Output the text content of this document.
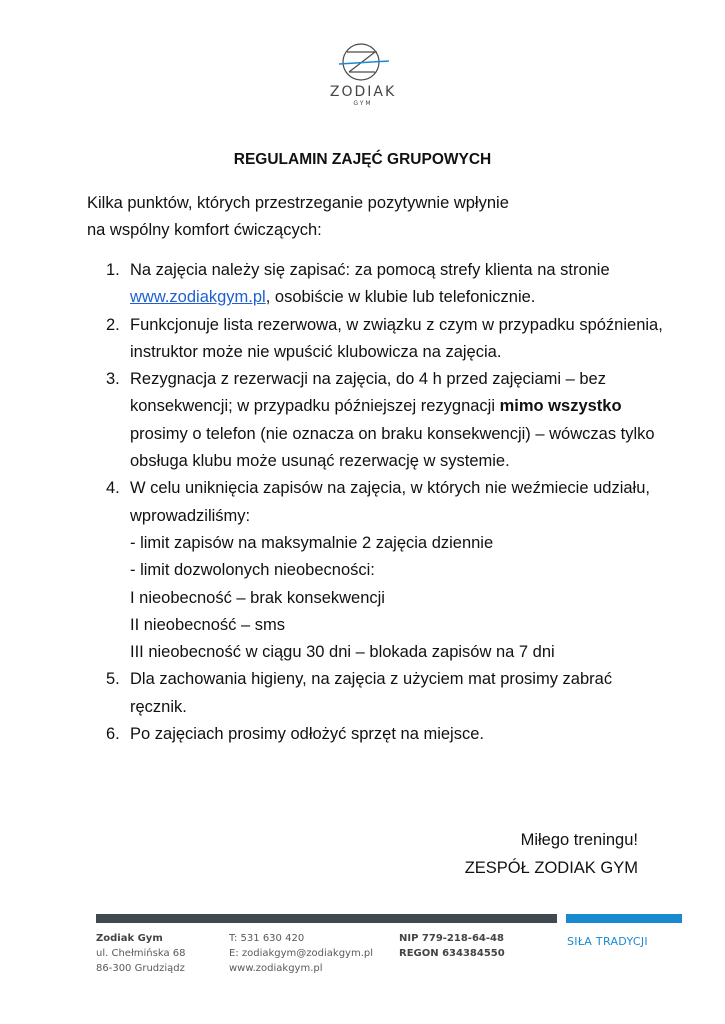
ZODIAK
GYM
REGULAMIN ZAJĘĆ GRUPOWYCH
Kilka punktów, których przestrzeganie pozytywnie wpłynie
na wspólny komfort ćwiczących:
1. Na zajęcia należy się zapisać: za pomocą strefy klienta na stronie www.zodiakgym.pl, osobiście w klubie lub telefonicznie.
2. Funkcjonuje lista rezerwowa, w związku z czym w przypadku spóźnienia, instruktor może nie wpuścić klubowicza na zajęcia.
3. Rezygnacja z rezerwacji na zajęcia, do 4 h przed zajęciami – bez konsekwencji; w przypadku późniejszej rezygnacji mimo wszystko prosimy o telefon (nie oznacza on braku konsekwencji) – wówczas tylko obsługa klubu może usunąć rezerwację w systemie.
4. W celu uniknięcia zapisów na zajęcia, w których nie weźmiecie udziału, wprowadziliśmy:
- limit zapisów na maksymalnie 2 zajęcia dziennie
- limit dozwolonych nieobecności:
I nieobecność – brak konsekwencji
II nieobecność – sms
III nieobecność w ciągu 30 dni – blokada zapisów na 7 dni
5. Dla zachowania higieny, na zajęcia z użyciem mat prosimy zabrać ręcznik.
6. Po zajęciach prosimy odłożyć sprzęt na miejsce.
Miłego treningu!
ZESPÓŁ ZODIAK GYM
Zodiak Gym
ul. Chełmińska 68
86-300 Grudziądz
T: 531 630 420
E: zodiakgym@zodiakgym.pl
www.zodiakgym.pl
NIP 779-218-64-48
REGON 634384550
SIŁA TRADYCJI
